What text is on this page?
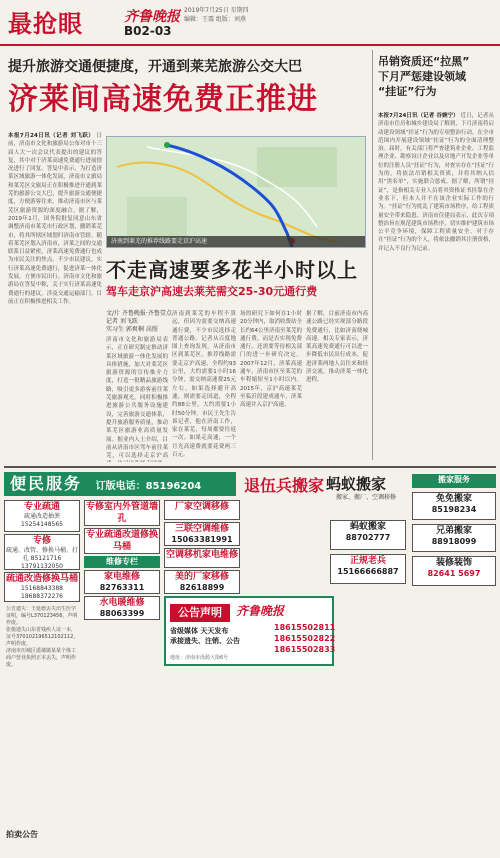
最抢眼	齐鲁晚报 2019年7月25日 星期四
编辑：王震 组版：刘燕
B02-03
提升旅游交通便捷度，开通到莱芜旅游公交大巴
济莱间高速免费正推进
本报7月24日讯（记者 刘飞跃） 日前，济南市文化和旅游局公布对市十三届人大一次会议代表提出的建议的答复，其中对于济莱高速免费通行进展情况进行了回复。答复中表示，为打造济莱区域旅游一体化发展，济南市文旅局和莱芜区文旅局正在积极推进开通到莱芜的旅游公交大巴，提升旅游交通便捷度，方便游客往来，推动济南市区与莱芜区旅游资源的深度融合。据了解，2019年1月，国务院批复同意山东省调整济南市莱芜市行政区划，撤销莱芜市，将其所辖区域划归济南市管辖。随着莱芜区划入济南市，济莱之间的交通联系日益紧密，济莱高速免费通行也成为市民关注的焦点。不少市民建议，实行济莱高速免费通行，促进济莱一体化发展，方便市民出行。济南市文化和旅游局在答复中称，关于实行济莱高速免费通行的建议，涉及交通运输部门，目前正在积极推进相关工作。
济南到莱芜的推荐线路要走京沪高速
不走高速要多花半小时以上
驾车走京沪高速去莱芜需交25-30元通行费
文/片 齐鲁晚报·齐鲁壹点
记者 刘飞跃
实习生 郭爽桐 高照
济南市文化和旅游局表示，正在研究制定推动济莱区域旅游一体化发展的具体措施，加大对莱芜区旅游资源的宣传推介力度，打造一批精品旅游线路，吸引更多游客前往莱芜旅游观光。同时积极推进旅游公共服务设施建设，完善旅游交通体系，提升旅游服务质量，推动莱芜区旅游业高质量发展。据业内人士介绍，目前从济南市区驾车前往莱芜，可以选择走京沪高
济南到莱芜的车程不算远，但因为需要交纳高速通行费，不少市民选择走普通公路。记者从百度地图上查询发现，从济南市区到莱芜区，推荐线路需要走京沪高速，全程约93公里，大约需要1小时16分钟，需交纳高速费25元左右。如果选择避开高速，则需要走国道，全程约88公里，大约需要1小时50分钟。市民王先生告诉记者，他在济南工作，家在莱芜，每周都要往返一次。如果走高速，一个月光高速费就要花费两三百元。
场的研究下如何在1小时20分钟内，取消收费站全长约64公里济南至莱芜的通行费，而是否实现免费通行，还需要等待相关部门的进一步研究决定。2007年12月，济莱高速通车，济南市区至莱芜的车程缩短至1小时以内。2015年，京沪高速莱芜至临沂段建成通车，济莱高速并入京沪高速。
据了解，目前济南市内高速公路已经实现部分路段免费通行，比如济南绕城高速。相关专家表示，济莱高速免费通行可以进一步降低市民出行成本，促进济莱两地人员往来和经济交流，推动济莱一体化进程。
吊销资质还“拉黑”
下月严惩建设领域
“挂证”行为
本报7月24日讯（记者 谷婉宁） 近日，记者从济南市住房和城乡建设局了解到，下月济南将启动建设领域“挂证”行为的专项整治行动，在全市范围内开展建设领域“挂证”行为的全面清理整治。届时，有关部门将严查建筑业企业、工程监理企业、勘察设计企业以及房地产开发企业等单位的注册人员“挂证”行为，对查实存在“挂证”行为的，将依法吊销相关资质，并将其纳入信用“黑名单”，实施联合惩戒。据了解，所谓“挂证”，是指相关专业人员将其资格证书挂靠在企业名下，但本人并不在该企业实际工作的行为。“挂证”行为扰乱了建筑市场秩序，给工程质量安全带来隐患。济南市住建局表示，此次专项整治旨在规范建筑市场秩序，切实维护建筑市场公平竞争环境，保障工程质量安全。对于存在“挂证”行为的个人，将依法撤销其注册资格，并记入不良行为记录。
便民服务 订版电话：85196204
专业疏通
疏通改造抽粪 15254148565
专修
疏通、改管、修换马桶、打孔 85121716 13791132050
疏通改造修换马桶
15168843388 18688372276
公告遗失：王延德丢失出生医学证明，编号L370123456，声明作废。
张俊遗失山东省残疾人证一本，证号370102196512102112，声明作废。
济南市历城区遥墙镇某某个体工商户营业执照正本丢失，声明作废。
拍卖公告
专修室内外管道墙孔
专业疏通改道修换马桶
维修专栏
家电维修
82763311
水电暖维修
88063399
厂家空调移修
三联空调维修
15063381991
空调移机家电维修
美的厂家移修
82618899
公告声明	齐鲁晚报
省级媒体 天天发布
承接遗失、注销、公告
18615502811
18615502822
18615502833
地址：济南市泺源大街6号
退伍兵搬家 蚂蚁搬家
搬家、搬厂、空调移修
蚂蚁搬家
88702777
正规老兵
15166666887
搬家服务
免免搬家
85198234
兄弟搬家
88918099
装修装饰
82641 5697
